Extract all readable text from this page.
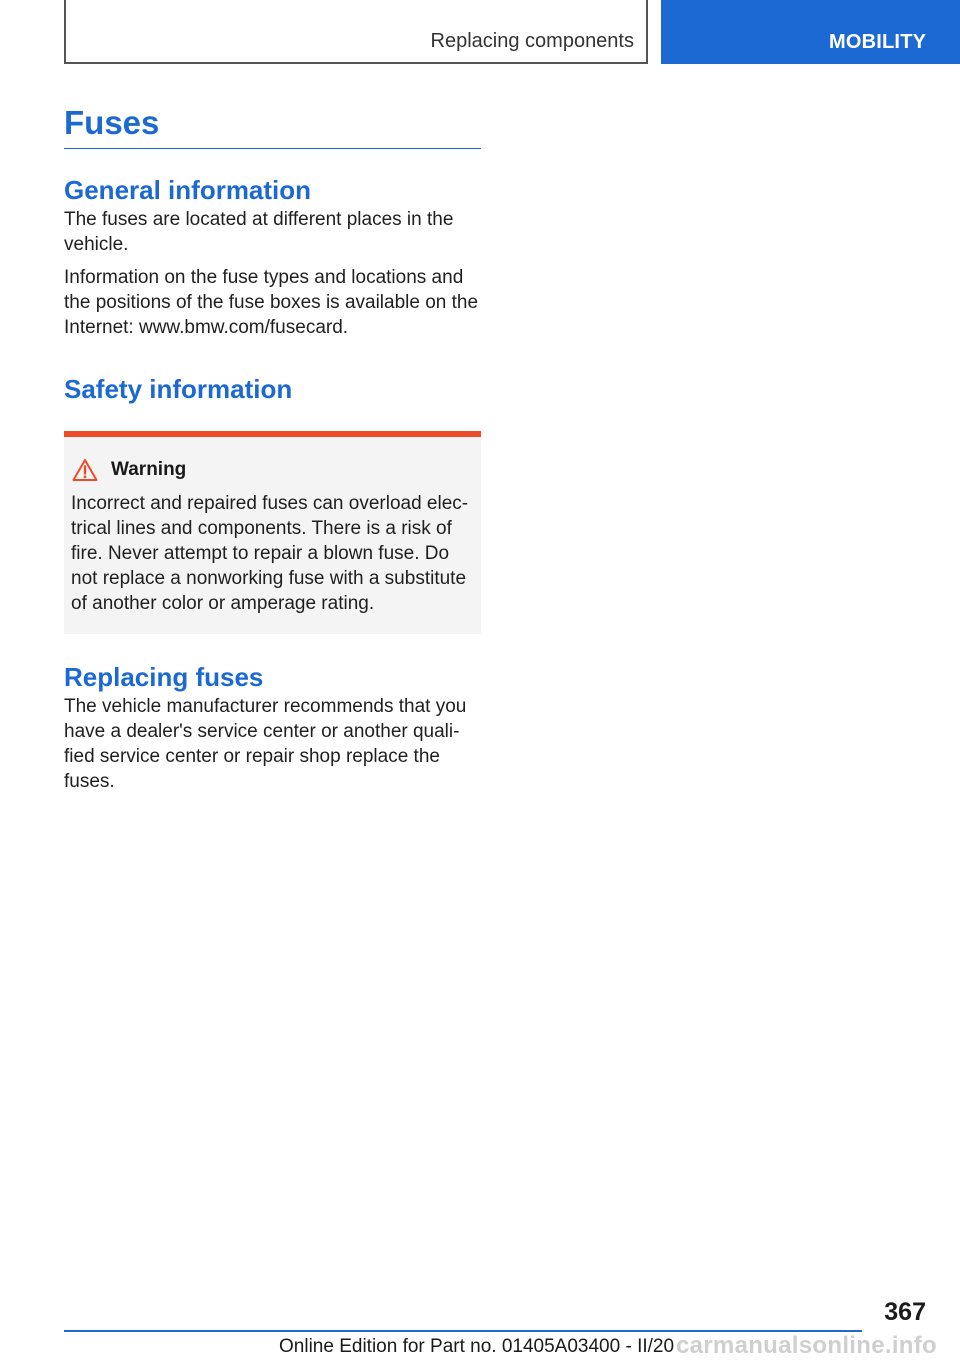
Replacing components	MOBILITY
Fuses
General information

The fuses are located at different places in the vehicle.

Information on the fuse types and locations and the positions of the fuse boxes is available on the Internet: www.bmw.com/fusecard.

Safety information
Warning

Incorrect and repaired fuses can overload elec‐trical lines and components. There is a risk of fire. Never attempt to repair a blown fuse. Do not replace a nonworking fuse with a substitute of another color or amperage rating.

Replacing fuses

The vehicle manufacturer recommends that you have a dealer's service center or another quali‐fied service center or repair shop replace the fuses.

367
Online Edition for Part no. 01405A03400 - II/20 carmanualsonline.info
